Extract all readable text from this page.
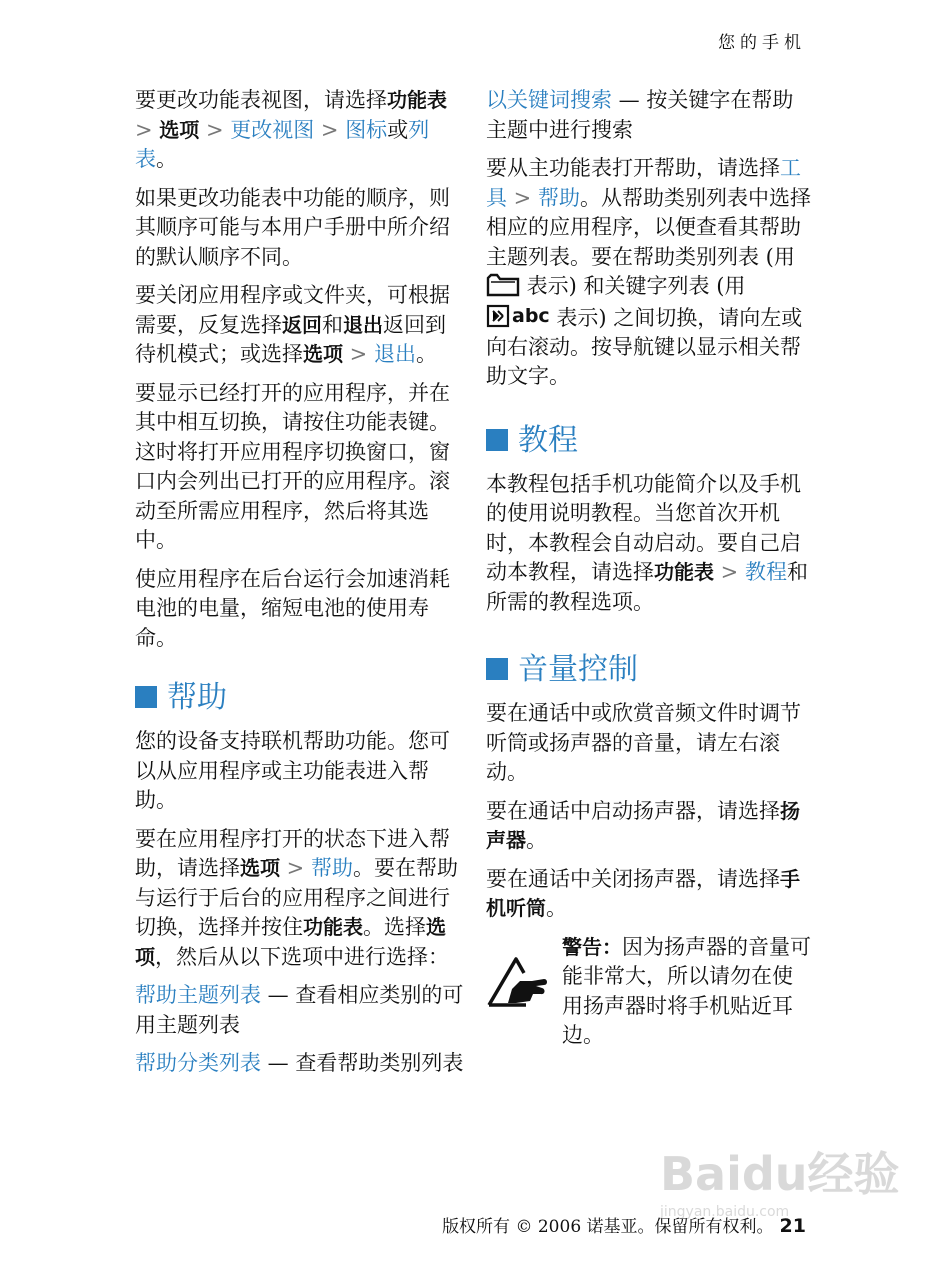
您的手机

要更改功能表视图，请选择功能表 > 选项 > 更改视图 > 图标或列表。

如果更改功能表中功能的顺序，则其顺序可能与本用户手册中所介绍的默认顺序不同。

要关闭应用程序或文件夹，可根据需要，反复选择返回和退出返回到待机模式；或选择选项 > 退出。

要显示已经打开的应用程序，并在其中相互切换，请按住功能表键。这时将打开应用程序切换窗口，窗口内会列出已打开的应用程序。滚动至所需应用程序，然后将其选中。

使应用程序在后台运行会加速消耗电池的电量，缩短电池的使用寿命。

帮助

您的设备支持联机帮助功能。您可以从应用程序或主功能表进入帮助。

要在应用程序打开的状态下进入帮助，请选择选项 > 帮助。要在帮助与运行于后台的应用程序之间进行切换，选择并按住功能表。选择选项，然后从以下选项中进行选择：

帮助主题列表 — 查看相应类别的可用主题列表

帮助分类列表 — 查看帮助类别列表

以关键词搜索 — 按关键字在帮助主题中进行搜索

要从主功能表打开帮助，请选择工具 > 帮助。从帮助类别列表中选择相应的应用程序，以便查看其帮助主题列表。要在帮助类别列表 (用
表示) 和关键字列表 (用
abc 表示) 之间切换，请向左或向右滚动。按导航键以显示相关帮助文字。

教程

本教程包括手机功能简介以及手机的使用说明教程。当您首次开机时，本教程会自动启动。要自己启动本教程，请选择功能表 > 教程和所需的教程选项。

音量控制

要在通话中或欣赏音频文件时调节听筒或扬声器的音量，请左右滚动。

要在通话中启动扬声器，请选择扬声器。

要在通话中关闭扬声器，请选择手机听筒。

警告：因为扬声器的音量可能非常大，所以请勿在使用扬声器时将手机贴近耳边。
Baidu经验
jingyan.baidu.com
版权所有 © 2006 诺基亚。保留所有权利。 21
